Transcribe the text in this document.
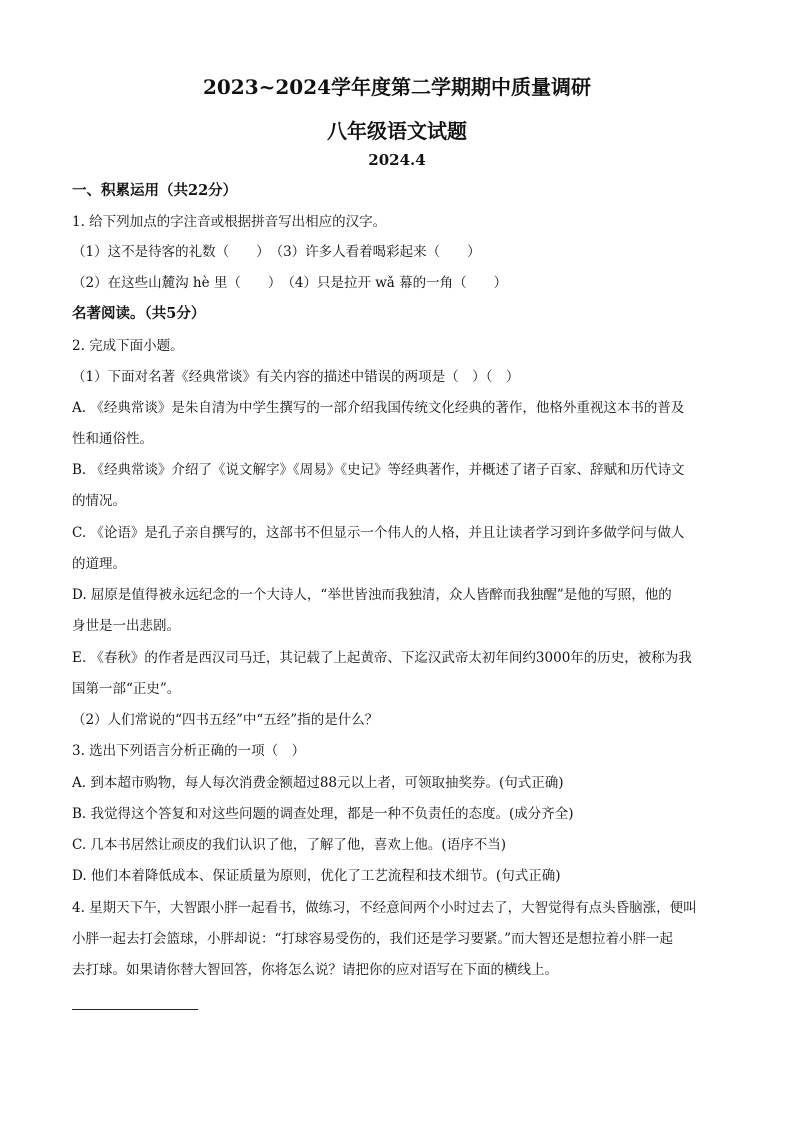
2023~2024学年度第二学期期中质量调研
八年级语文试题
2024.4
一、积累运用（共22分）
1. 给下列加点的字注音或根据拼音写出相应的汉字。
（1）这不是待客的礼数（　　）　（3）许多人看着喝彩起来（　　）
（2）在这些山麓沟 hè 里（　　）　（4）只是拉开 wǎ 幕的一角（　　）
名著阅读。（共5分）
2. 完成下面小题。
（1）下面对名著《经典常谈》有关内容的描述中错误的两项是（　）（　）
A. 《经典常谈》是朱自清为中学生撰写的一部介绍我国传统文化经典的著作，他格外重视这本书的普及
性和通俗性。
B. 《经典常谈》介绍了《说文解字》《周易》《史记》等经典著作，并概述了诸子百家、辞赋和历代诗文
的情况。
C. 《论语》是孔子亲自撰写的，这部书不但显示一个伟人的人格，并且让读者学习到许多做学问与做人
的道理。
D. 屈原是值得被永远纪念的一个大诗人，“举世皆浊而我独清，众人皆醉而我独醒”是他的写照，他的
身世是一出悲剧。
E. 《春秋》的作者是西汉司马迁，其记载了上起黄帝、下迄汉武帝太初年间约3000年的历史，被称为我
国第一部“正史”。
（2）人们常说的“四书五经”中“五经”指的是什么？
3. 选出下列语言分析正确的一项（　）
A. 到本超市购物，每人每次消费金额超过88元以上者，可领取抽奖券。(句式正确)
B. 我觉得这个答复和对这些问题的调查处理，都是一种不负责任的态度。(成分齐全)
C. 几本书居然让顽皮的我们认识了他，了解了他，喜欢上他。(语序不当)
D. 他们本着降低成本、保证质量为原则，优化了工艺流程和技术细节。(句式正确)
4. 星期天下午，大智跟小胖一起看书，做练习，不经意间两个小时过去了，大智觉得有点头昏脑涨，便叫
小胖一起去打会篮球，小胖却说：“打球容易受伤的，我们还是学习要紧。”而大智还是想拉着小胖一起
去打球。如果请你替大智回答，你将怎么说？请把你的应对语写在下面的横线上。
